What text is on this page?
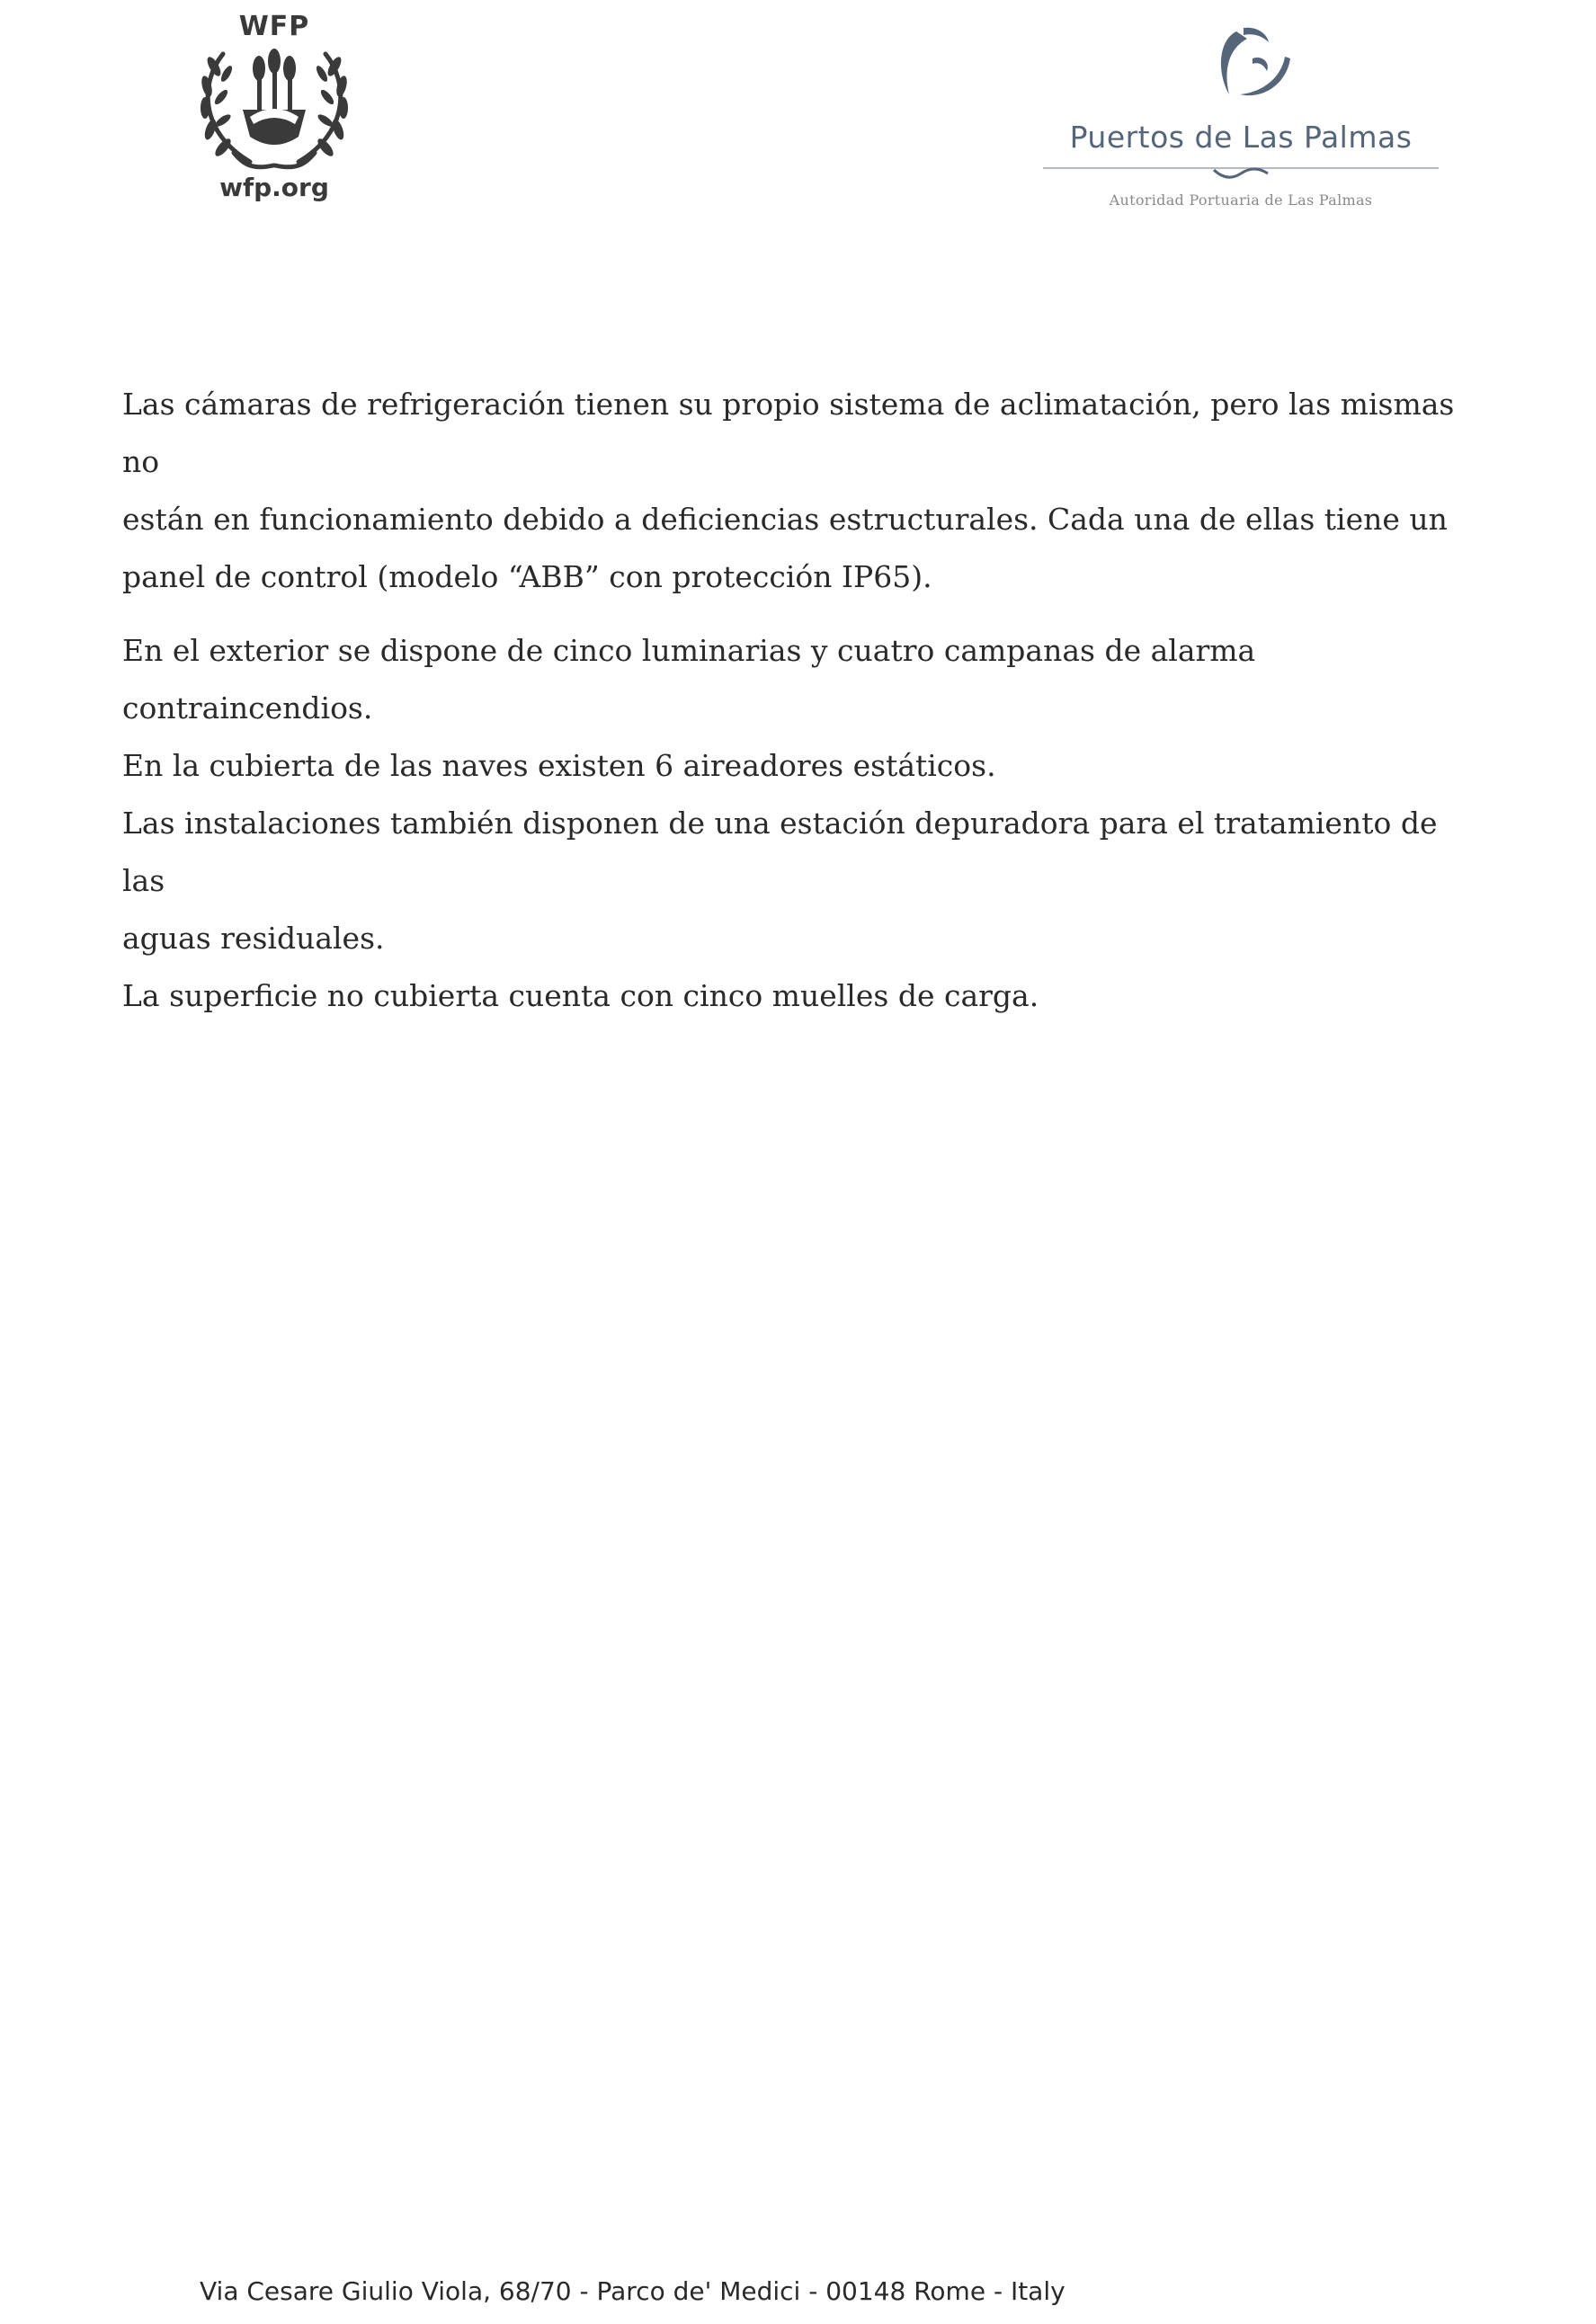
WFP
wfp.org
Puertos de Las Palmas
Autoridad Portuaria de Las Palmas

Las cámaras de refrigeración tienen su propio sistema de aclimatación, pero las mismas no
están en funcionamiento debido a deficiencias estructurales. Cada una de ellas tiene un
panel de control (modelo “ABB” con protección IP65).

En el exterior se dispone de cinco luminarias y cuatro campanas de alarma
contraincendios.
En la cubierta de las naves existen 6 aireadores estáticos.
Las instalaciones también disponen de una estación depuradora para el tratamiento de las
aguas residuales.
La superficie no cubierta cuenta con cinco muelles de carga.

Via Cesare Giulio Viola, 68/70 - Parco de' Medici - 00148 Rome - Italy
